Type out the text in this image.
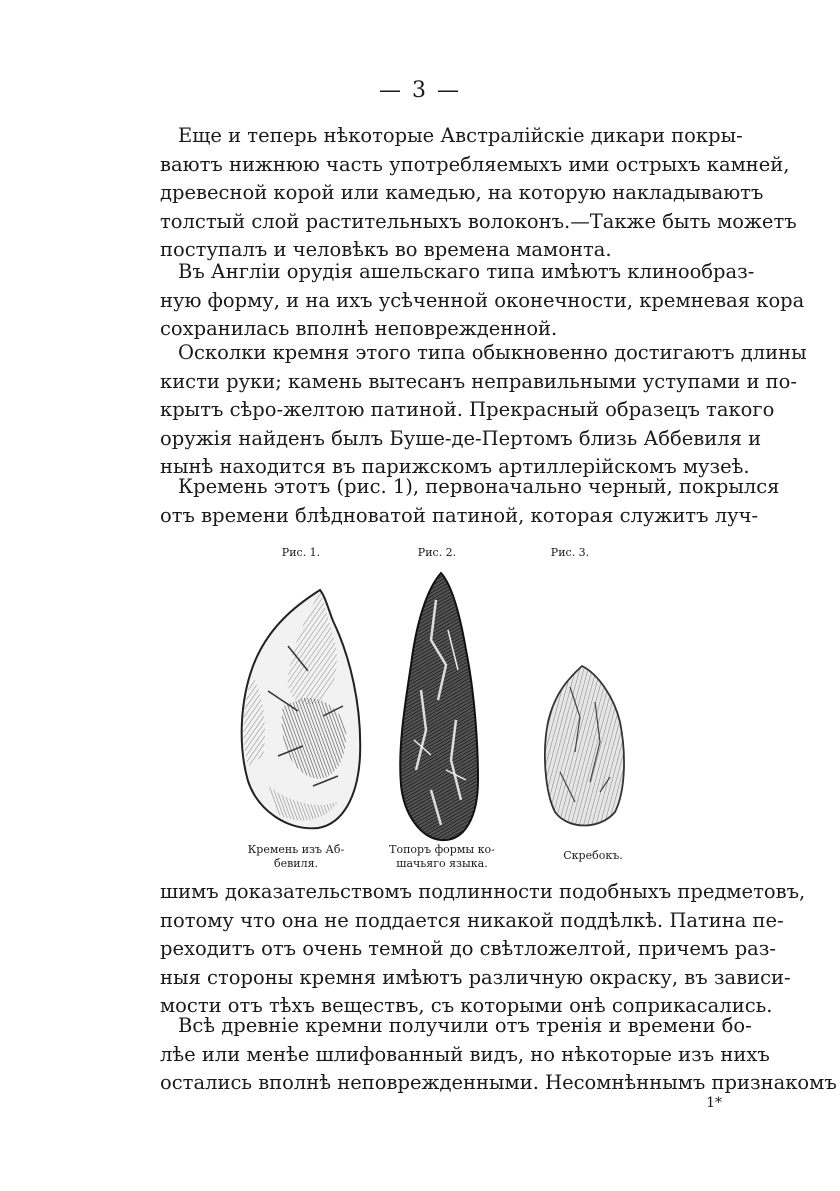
— 3 —
Еще и теперь нѣкоторые Австралійскіе дикари покры-
ваютъ нижнюю часть употребляемыхъ ими острыхъ камней,
древесной корой или камедью, на которую накладываютъ
толстый слой растительныхъ волоконъ.—Также быть можетъ
поступалъ и человѣкъ во времена мамонта.
Въ Англіи орудія ашельскаго типа имѣютъ клинообраз-
ную форму, и на ихъ усѣченной оконечности, кремневая кора
сохранилась вполнѣ неповрежденной.
Осколки кремня этого типа обыкновенно достигаютъ длины
кисти руки; камень вытесанъ неправильными уступами и по-
крытъ сѣро-желтою патиной. Прекрасный образецъ такого
оружія найденъ былъ Буше-де-Пертомъ близь Аббевиля и
нынѣ находится въ парижскомъ артиллерійскомъ музеѣ.
Кремень этотъ (рис. 1), первоначально черный, покрылся
отъ времени блѣдноватой патиной, которая служитъ луч-
Рис. 1.	Рис. 2.	Рис. 3.
Кремень изъ Аб-
бевиля.
Топоръ формы ко-
шачьяго языка.
Скребокъ.
шимъ доказательствомъ подлинности подобныхъ предметовъ,
потому что она не поддается никакой поддѣлкѣ. Патина пе-
реходитъ отъ очень темной до свѣтложелтой, причемъ раз-
ныя стороны кремня имѣютъ различную окраску, въ зависи-
мости отъ тѣхъ веществъ, съ которыми онѣ соприкасались.
Всѣ древніе кремни получили отъ тренія и времени бо-
лѣе или менѣе шлифованный видъ, но нѣкоторые изъ нихъ
остались вполнѣ неповрежденными. Несомнѣннымъ признакомъ
1*
